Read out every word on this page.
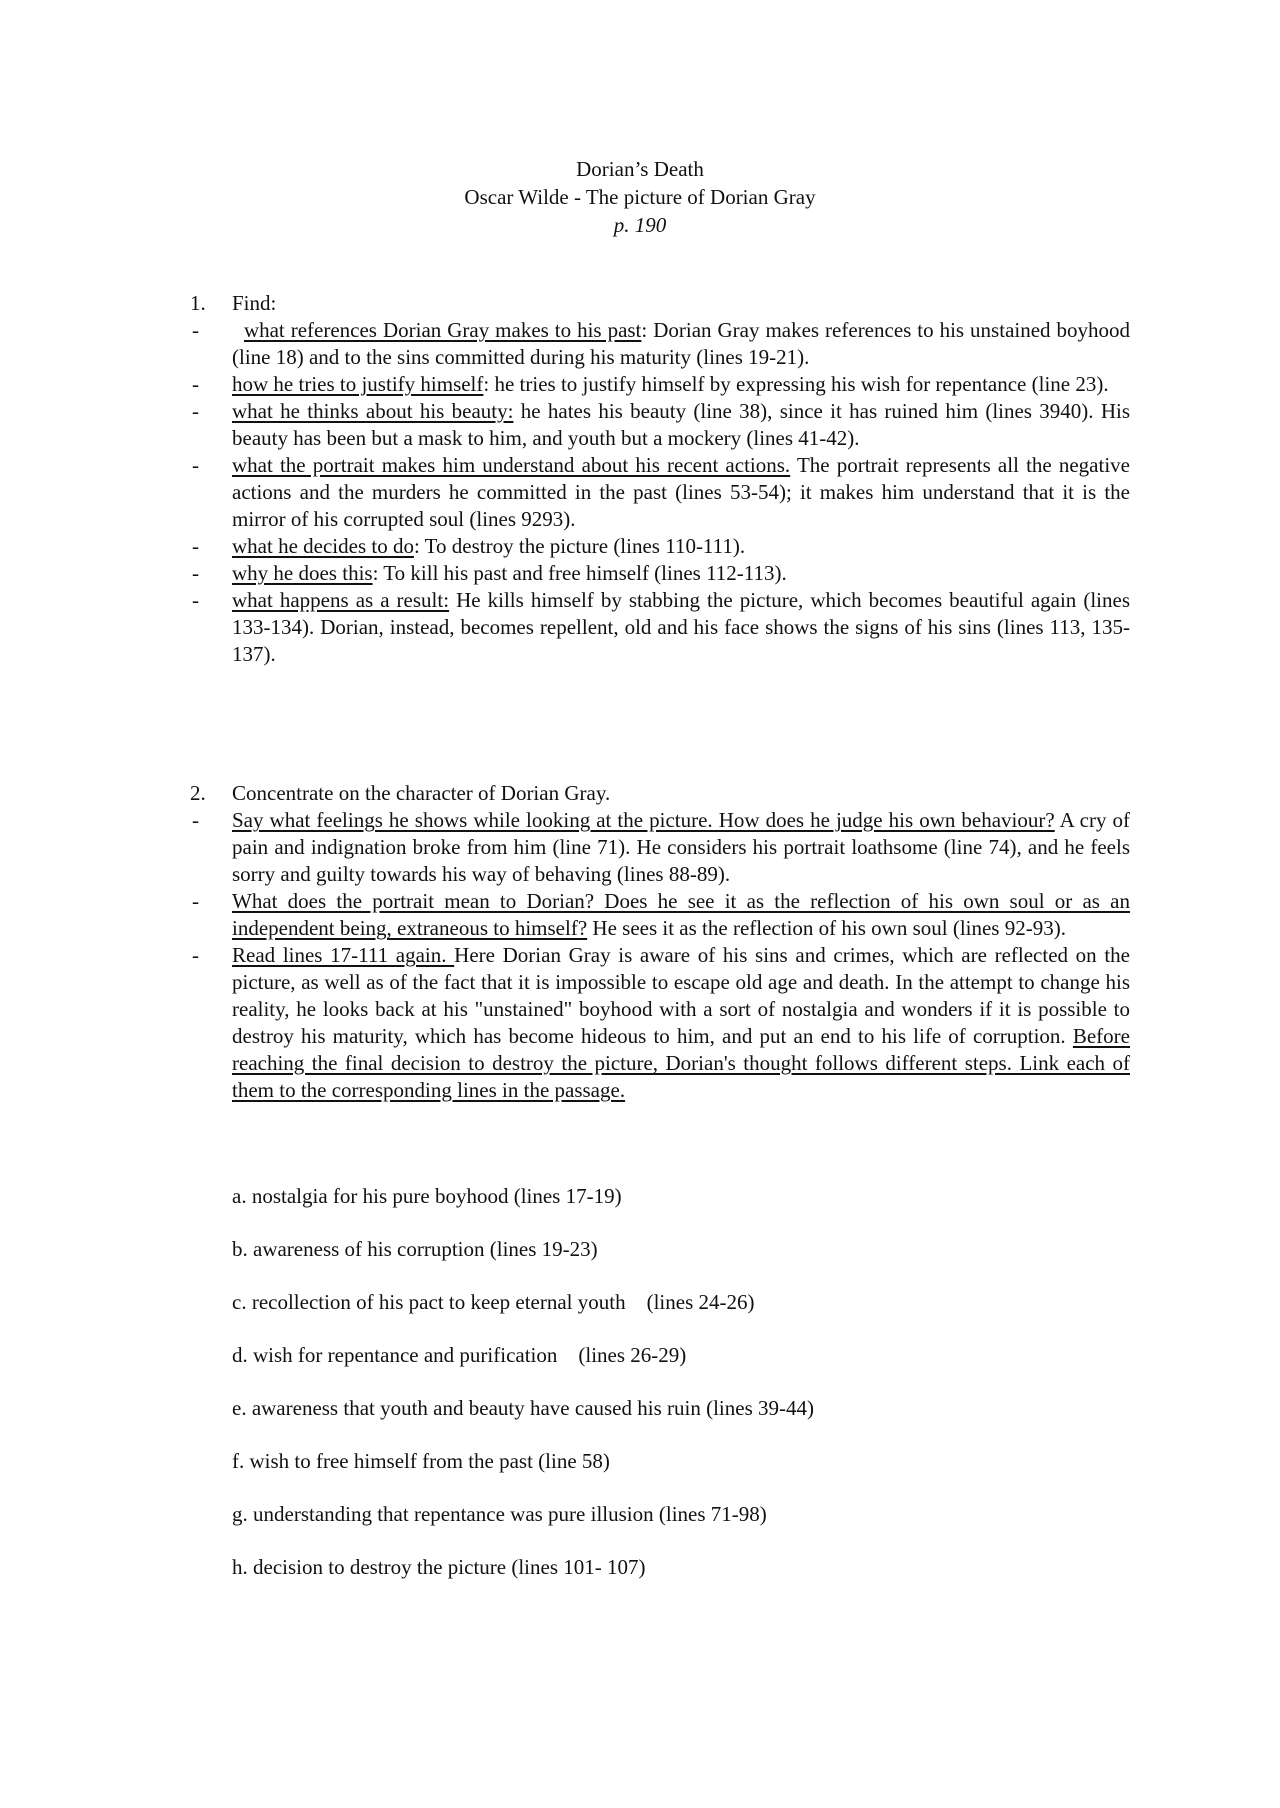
Dorian’s Death
Oscar Wilde - The picture of Dorian Gray
p. 190
1. Find:
- what references Dorian Gray makes to his past: Dorian Gray makes references to his unstained boyhood (line 18) and to the sins committed during his maturity (lines 19-21).
- how he tries to justify himself: he tries to justify himself by expressing his wish for repentance (line 23).
- what he thinks about his beauty: he hates his beauty (line 38), since it has ruined him (lines 3940). His beauty has been but a mask to him, and youth but a mockery (lines 41-42).
- what the portrait makes him understand about his recent actions. The portrait represents all the negative actions and the murders he committed in the past (lines 53-54); it makes him understand that it is the mirror of his corrupted soul (lines 9293).
- what he decides to do: To destroy the picture (lines 110-111).
- why he does this: To kill his past and free himself (lines 112-113).
- what happens as a result: He kills himself by stabbing the picture, which becomes beautiful again (lines 133-134). Dorian, instead, becomes repellent, old and his face shows the signs of his sins (lines 113, 135-137).
2. Concentrate on the character of Dorian Gray.
- Say what feelings he shows while looking at the picture. How does he judge his own behaviour? A cry of pain and indignation broke from him (line 71). He considers his portrait loathsome (line 74), and he feels sorry and guilty towards his way of behaving (lines 88-89).
- What does the portrait mean to Dorian? Does he see it as the reflection of his own soul or as an independent being, extraneous to himself? He sees it as the reflection of his own soul (lines 92-93).
- Read lines 17-111 again. Here Dorian Gray is aware of his sins and crimes, which are reflected on the picture, as well as of the fact that it is impossible to escape old age and death. In the attempt to change his reality, he looks back at his "unstained" boyhood with a sort of nostalgia and wonders if it is possible to destroy his maturity, which has become hideous to him, and put an end to his life of corruption. Before reaching the final decision to destroy the picture, Dorian's thought follows different steps. Link each of them to the corresponding lines in the passage.
a. nostalgia for his pure boyhood (lines 17-19)
b. awareness of his corruption (lines 19-23)
c. recollection of his pact to keep eternal youth    (lines 24-26)
d. wish for repentance and purification    (lines 26-29)
e. awareness that youth and beauty have caused his ruin (lines 39-44)
f. wish to free himself from the past (line 58)
g. understanding that repentance was pure illusion (lines 71-98)
h. decision to destroy the picture (lines 101- 107)
